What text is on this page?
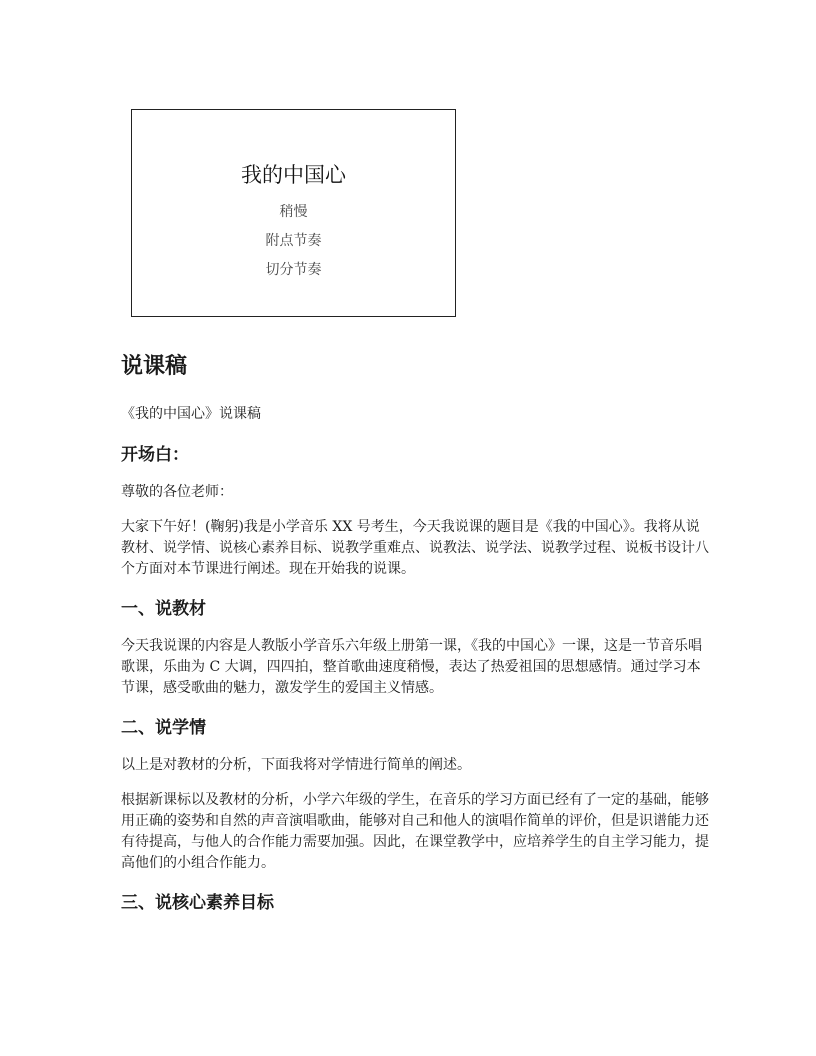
我的中国心
稍慢
附点节奏
切分节奏
说课稿
《我的中国心》说课稿
开场白：
尊敬的各位老师：
大家下午好！(鞠躬)我是小学音乐 XX 号考生，今天我说课的题目是《我的中国心》。我将从说教材、说学情、说核心素养目标、说教学重难点、说教法、说学法、说教学过程、说板书设计八个方面对本节课进行阐述。现在开始我的说课。
一、说教材
今天我说课的内容是人教版小学音乐六年级上册第一课，《我的中国心》一课，这是一节音乐唱歌课，乐曲为 C 大调，四四拍，整首歌曲速度稍慢，表达了热爱祖国的思想感情。通过学习本节课，感受歌曲的魅力，激发学生的爱国主义情感。
二、说学情
以上是对教材的分析，下面我将对学情进行简单的阐述。
根据新课标以及教材的分析，小学六年级的学生，在音乐的学习方面已经有了一定的基础，能够用正确的姿势和自然的声音演唱歌曲，能够对自己和他人的演唱作简单的评价，但是识谱能力还有待提高，与他人的合作能力需要加强。因此，在课堂教学中，应培养学生的自主学习能力，提高他们的小组合作能力。
三、说核心素养目标
